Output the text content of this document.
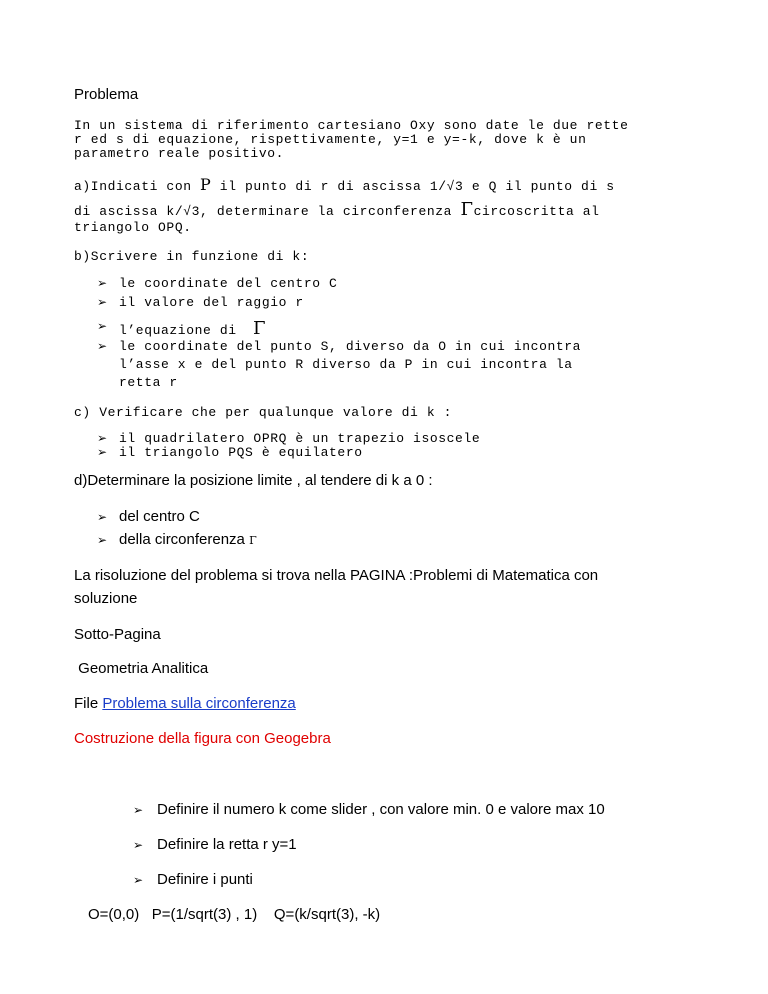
Problema
In un sistema di riferimento cartesiano Oxy sono date le due rette
r ed s di equazione, rispettivamente, y=1 e y=-k, dove k è un
parametro reale positivo.
a)Indicati con P il punto di r di ascissa 1/√3 e Q il punto di s
di ascissa k/√3, determinare la circonferenza Γcircoscritta al
triangolo OPQ.
b)Scrivere in funzione di k:
➢ le coordinate del centro C
➢ il valore del raggio r
➢ l’equazione di Γ
➢ le coordinate del punto S, diverso da O in cui incontra
l’asse x e del punto R diverso da P in cui incontra la
retta r
c) Verificare che per qualunque valore di k :
➢ il quadrilatero OPRQ è un trapezio isoscele
➢ il triangolo PQS è equilatero
d)Determinare la posizione limite , al tendere di k a 0 :
➢ del centro C
➢ della circonferenza Γ
La risoluzione del problema si trova nella PAGINA :Problemi di Matematica con
soluzione
Sotto-Pagina
Geometria Analitica
File Problema sulla circonferenza
Costruzione della figura con Geogebra
➢ Definire il numero k come slider , con valore min. 0 e valore max 10
➢ Definire la retta r y=1
➢ Definire i punti
O=(0,0)   P=(1/sqrt(3) , 1)    Q=(k/sqrt(3), -k)
